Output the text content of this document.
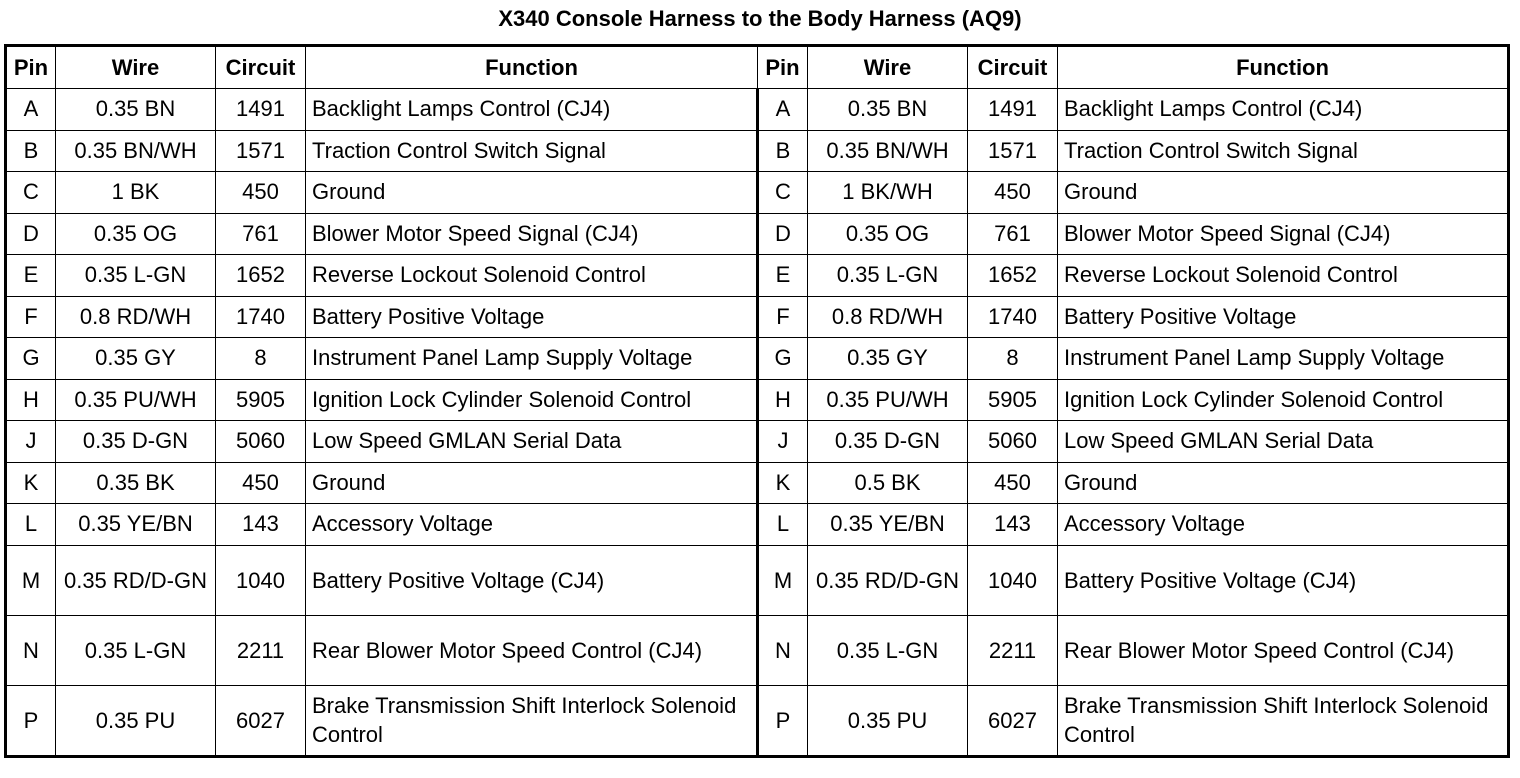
X340 Console Harness to the Body Harness (AQ9)
Pin	Wire	Circuit	Function	Pin	Wire	Circuit	Function
A	0.35 BN	1491	Backlight Lamps Control (CJ4)	A	0.35 BN	1491	Backlight Lamps Control (CJ4)
B	0.35 BN/WH	1571	Traction Control Switch Signal	B	0.35 BN/WH	1571	Traction Control Switch Signal
C	1 BK	450	Ground	C	1 BK/WH	450	Ground
D	0.35 OG	761	Blower Motor Speed Signal (CJ4)	D	0.35 OG	761	Blower Motor Speed Signal (CJ4)
E	0.35 L-GN	1652	Reverse Lockout Solenoid Control	E	0.35 L-GN	1652	Reverse Lockout Solenoid Control
F	0.8 RD/WH	1740	Battery Positive Voltage	F	0.8 RD/WH	1740	Battery Positive Voltage
G	0.35 GY	8	Instrument Panel Lamp Supply Voltage	G	0.35 GY	8	Instrument Panel Lamp Supply Voltage
H	0.35 PU/WH	5905	Ignition Lock Cylinder Solenoid Control	H	0.35 PU/WH	5905	Ignition Lock Cylinder Solenoid Control
J	0.35 D-GN	5060	Low Speed GMLAN Serial Data	J	0.35 D-GN	5060	Low Speed GMLAN Serial Data
K	0.35 BK	450	Ground	K	0.5 BK	450	Ground
L	0.35 YE/BN	143	Accessory Voltage	L	0.35 YE/BN	143	Accessory Voltage
M	0.35 RD/D-GN	1040	Battery Positive Voltage (CJ4)	M	0.35 RD/D-GN	1040	Battery Positive Voltage (CJ4)
N	0.35 L-GN	2211	Rear Blower Motor Speed Control (CJ4)	N	0.35 L-GN	2211	Rear Blower Motor Speed Control (CJ4)
P	0.35 PU	6027	Brake Transmission Shift Interlock Solenoid Control	P	0.35 PU	6027	Brake Transmission Shift Interlock Solenoid Control
